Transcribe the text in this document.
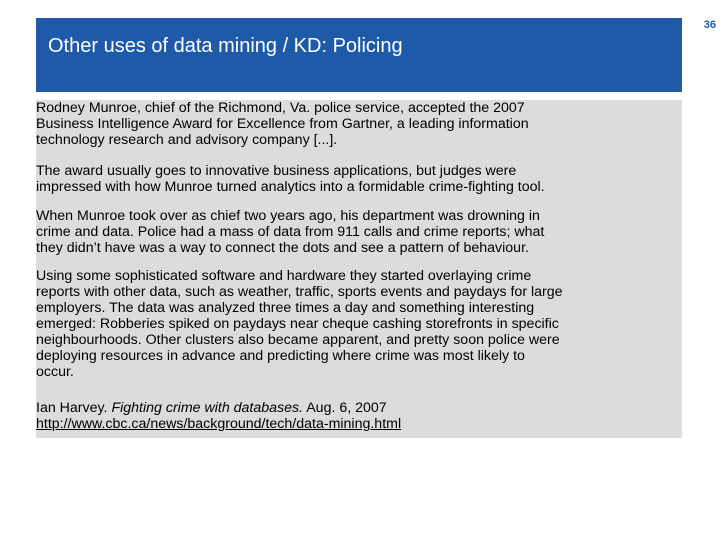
Other uses of data mining / KD: Policing
36
Rodney Munroe, chief of the Richmond, Va. police service, accepted the 2007
Business Intelligence Award for Excellence from Gartner, a leading information
technology research and advisory company [...].
The award usually goes to innovative business applications, but judges were
impressed with how Munroe turned analytics into a formidable crime-fighting tool.
When Munroe took over as chief two years ago, his department was drowning in
crime and data. Police had a mass of data from 911 calls and crime reports; what
they didn’t have was a way to connect the dots and see a pattern of behaviour.
Using some sophisticated software and hardware they started overlaying crime
reports with other data, such as weather, traffic, sports events and paydays for large
employers. The data was analyzed three times a day and something interesting
emerged: Robberies spiked on paydays near cheque cashing storefronts in specific
neighbourhoods. Other clusters also became apparent, and pretty soon police were
deploying resources in advance and predicting where crime was most likely to
occur.
Ian Harvey. Fighting crime with databases. Aug. 6, 2007
http://www.cbc.ca/news/background/tech/data-mining.html
